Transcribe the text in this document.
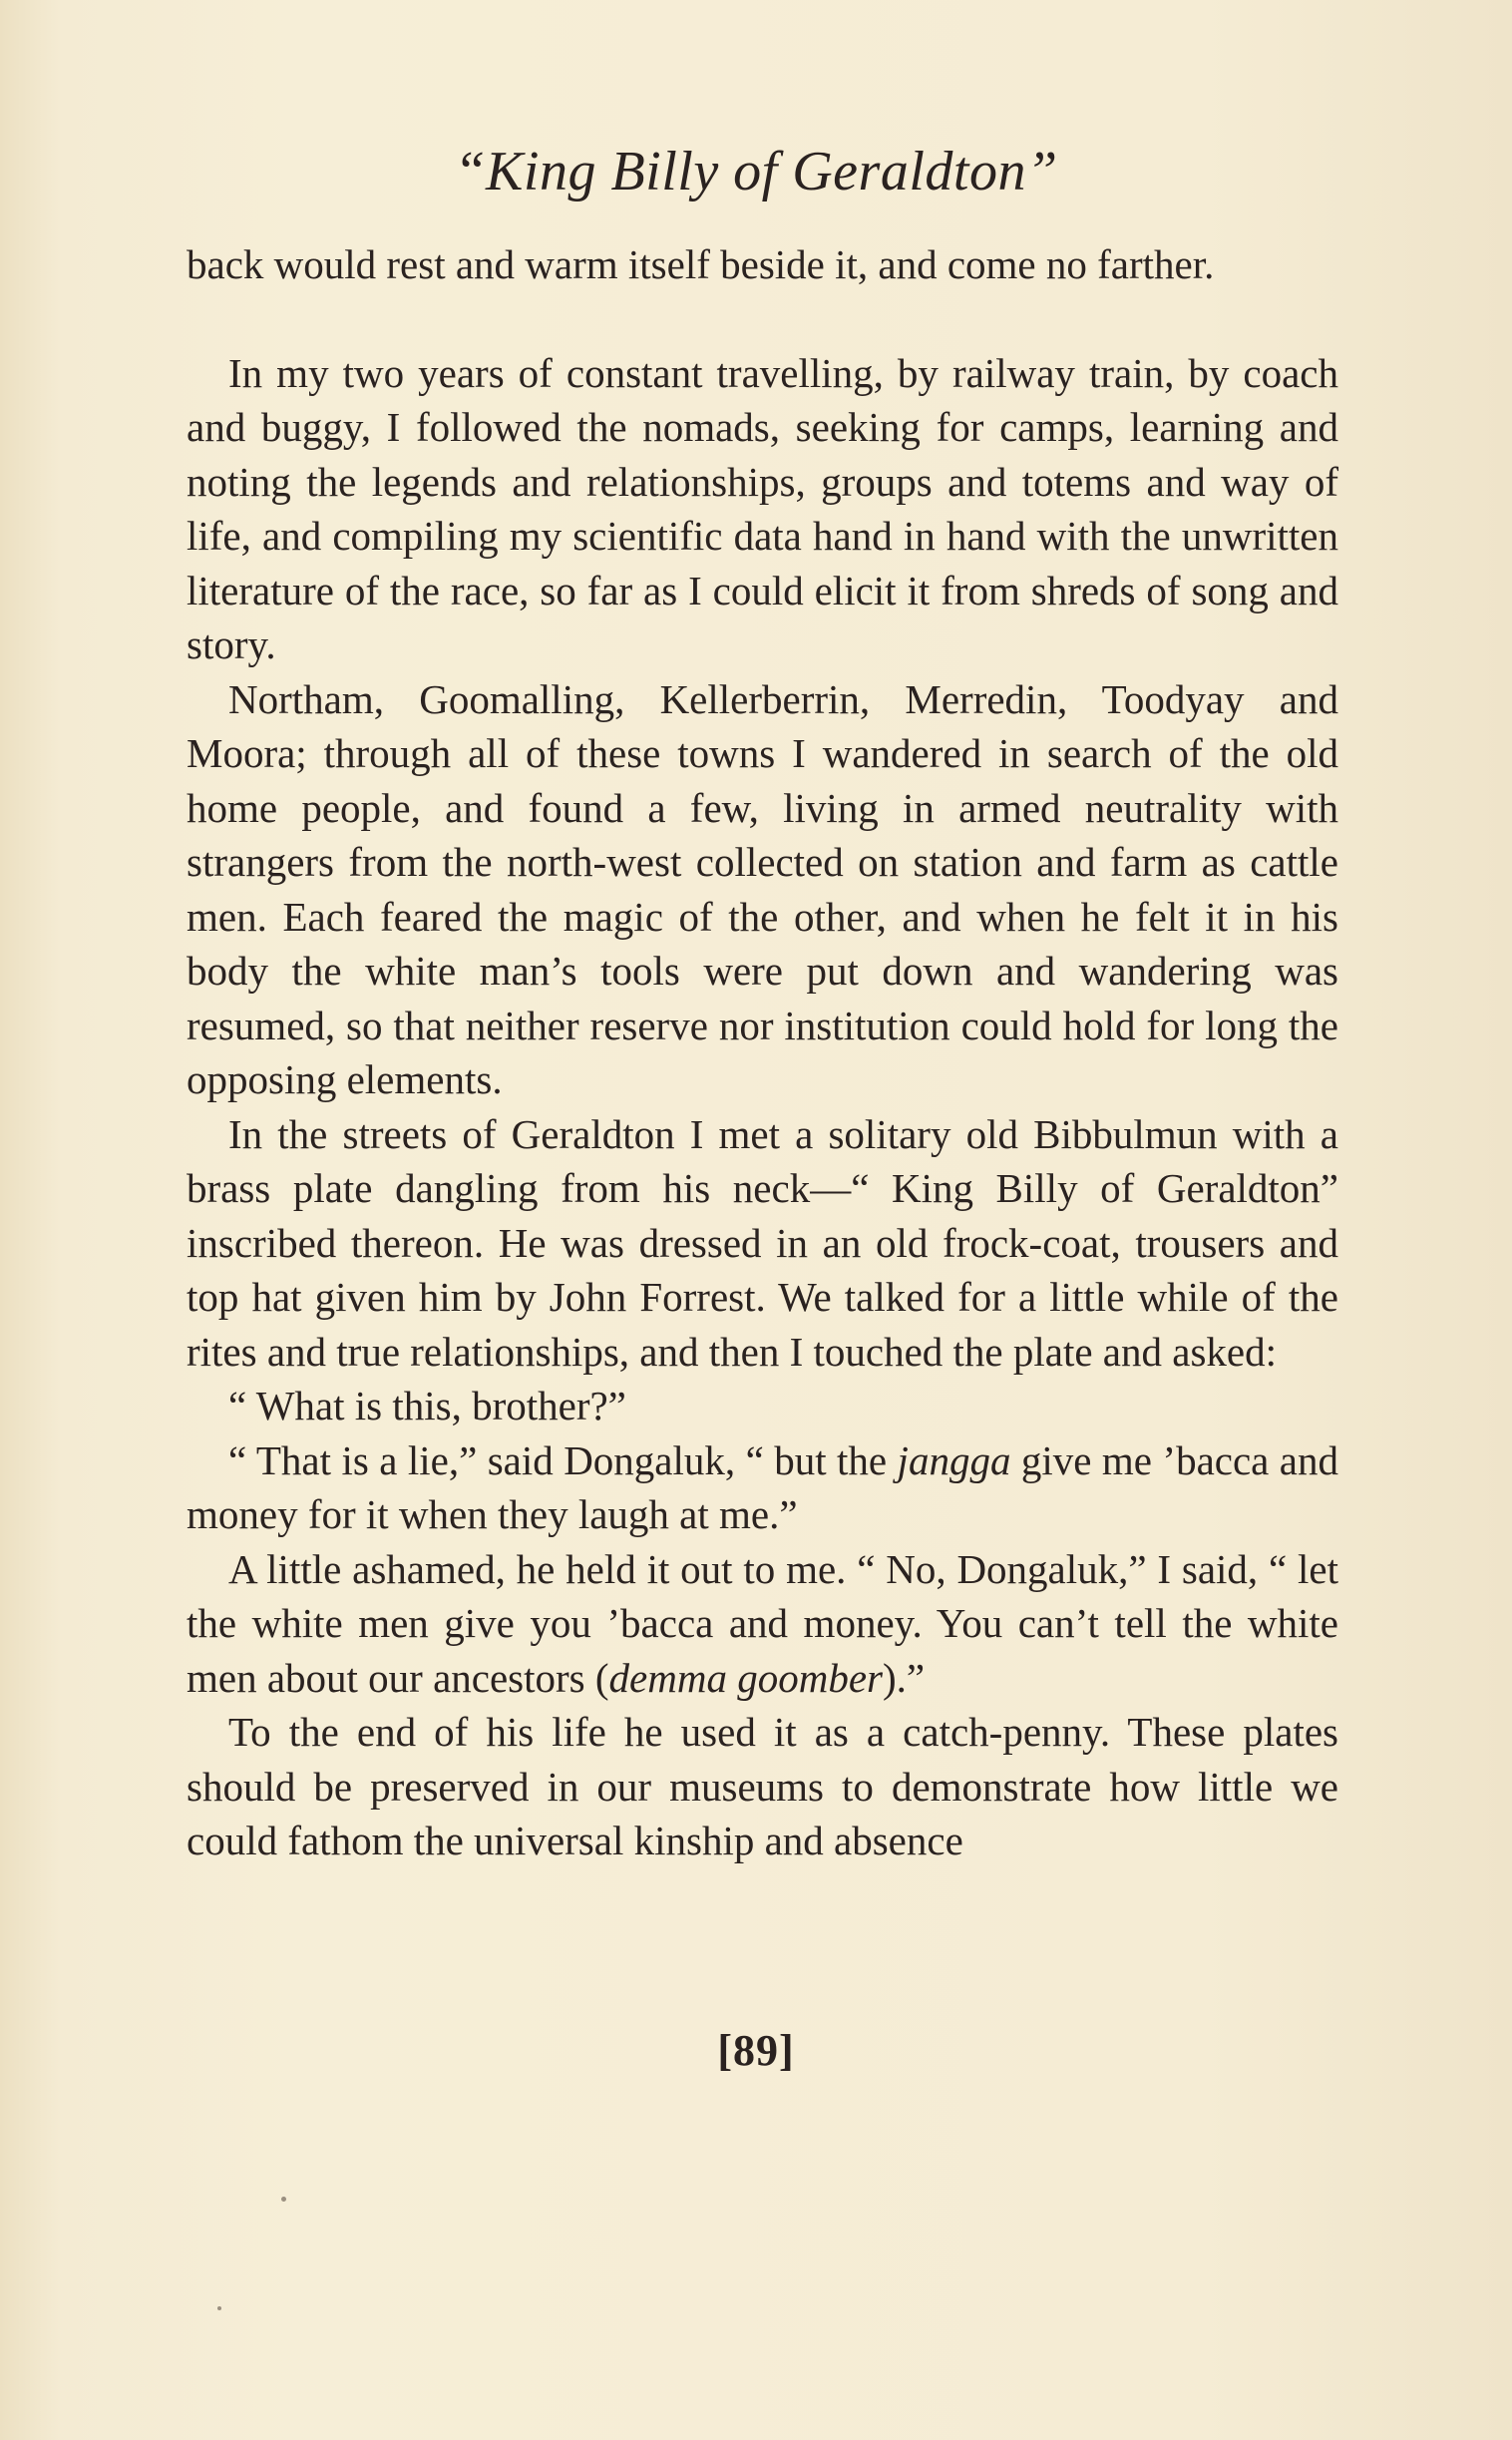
“King Billy of Geraldton”

back would rest and warm itself beside it, and come no farther.

In my two years of constant travelling, by railway train, by coach and buggy, I followed the nomads, seeking for camps, learning and noting the legends and relationships, groups and totems and way of life, and compiling my scientific data hand in hand with the unwritten literature of the race, so far as I could elicit it from shreds of song and story.

Northam, Goomalling, Kellerberrin, Merredin, Toodyay and Moora; through all of these towns I wandered in search of the old home people, and found a few, living in armed neutrality with strangers from the north-west collected on station and farm as cattle men. Each feared the magic of the other, and when he felt it in his body the white man’s tools were put down and wandering was resumed, so that neither reserve nor institution could hold for long the opposing elements.

In the streets of Geraldton I met a solitary old Bibbulmun with a brass plate dangling from his neck—“ King Billy of Geraldton” inscribed thereon. He was dressed in an old frock-coat, trousers and top hat given him by John Forrest. We talked for a little while of the rites and true relationships, and then I touched the plate and asked:

“ What is this, brother?”

“ That is a lie,” said Dongaluk, “ but the jangga give me ’bacca and money for it when they laugh at me.”

A little ashamed, he held it out to me. “ No, Dongaluk,” I said, “ let the white men give you ’bacca and money. You can’t tell the white men about our ancestors (demma goomber).”

To the end of his life he used it as a catch-penny. These plates should be preserved in our museums to demonstrate how little we could fathom the universal kinship and absence

[89]
